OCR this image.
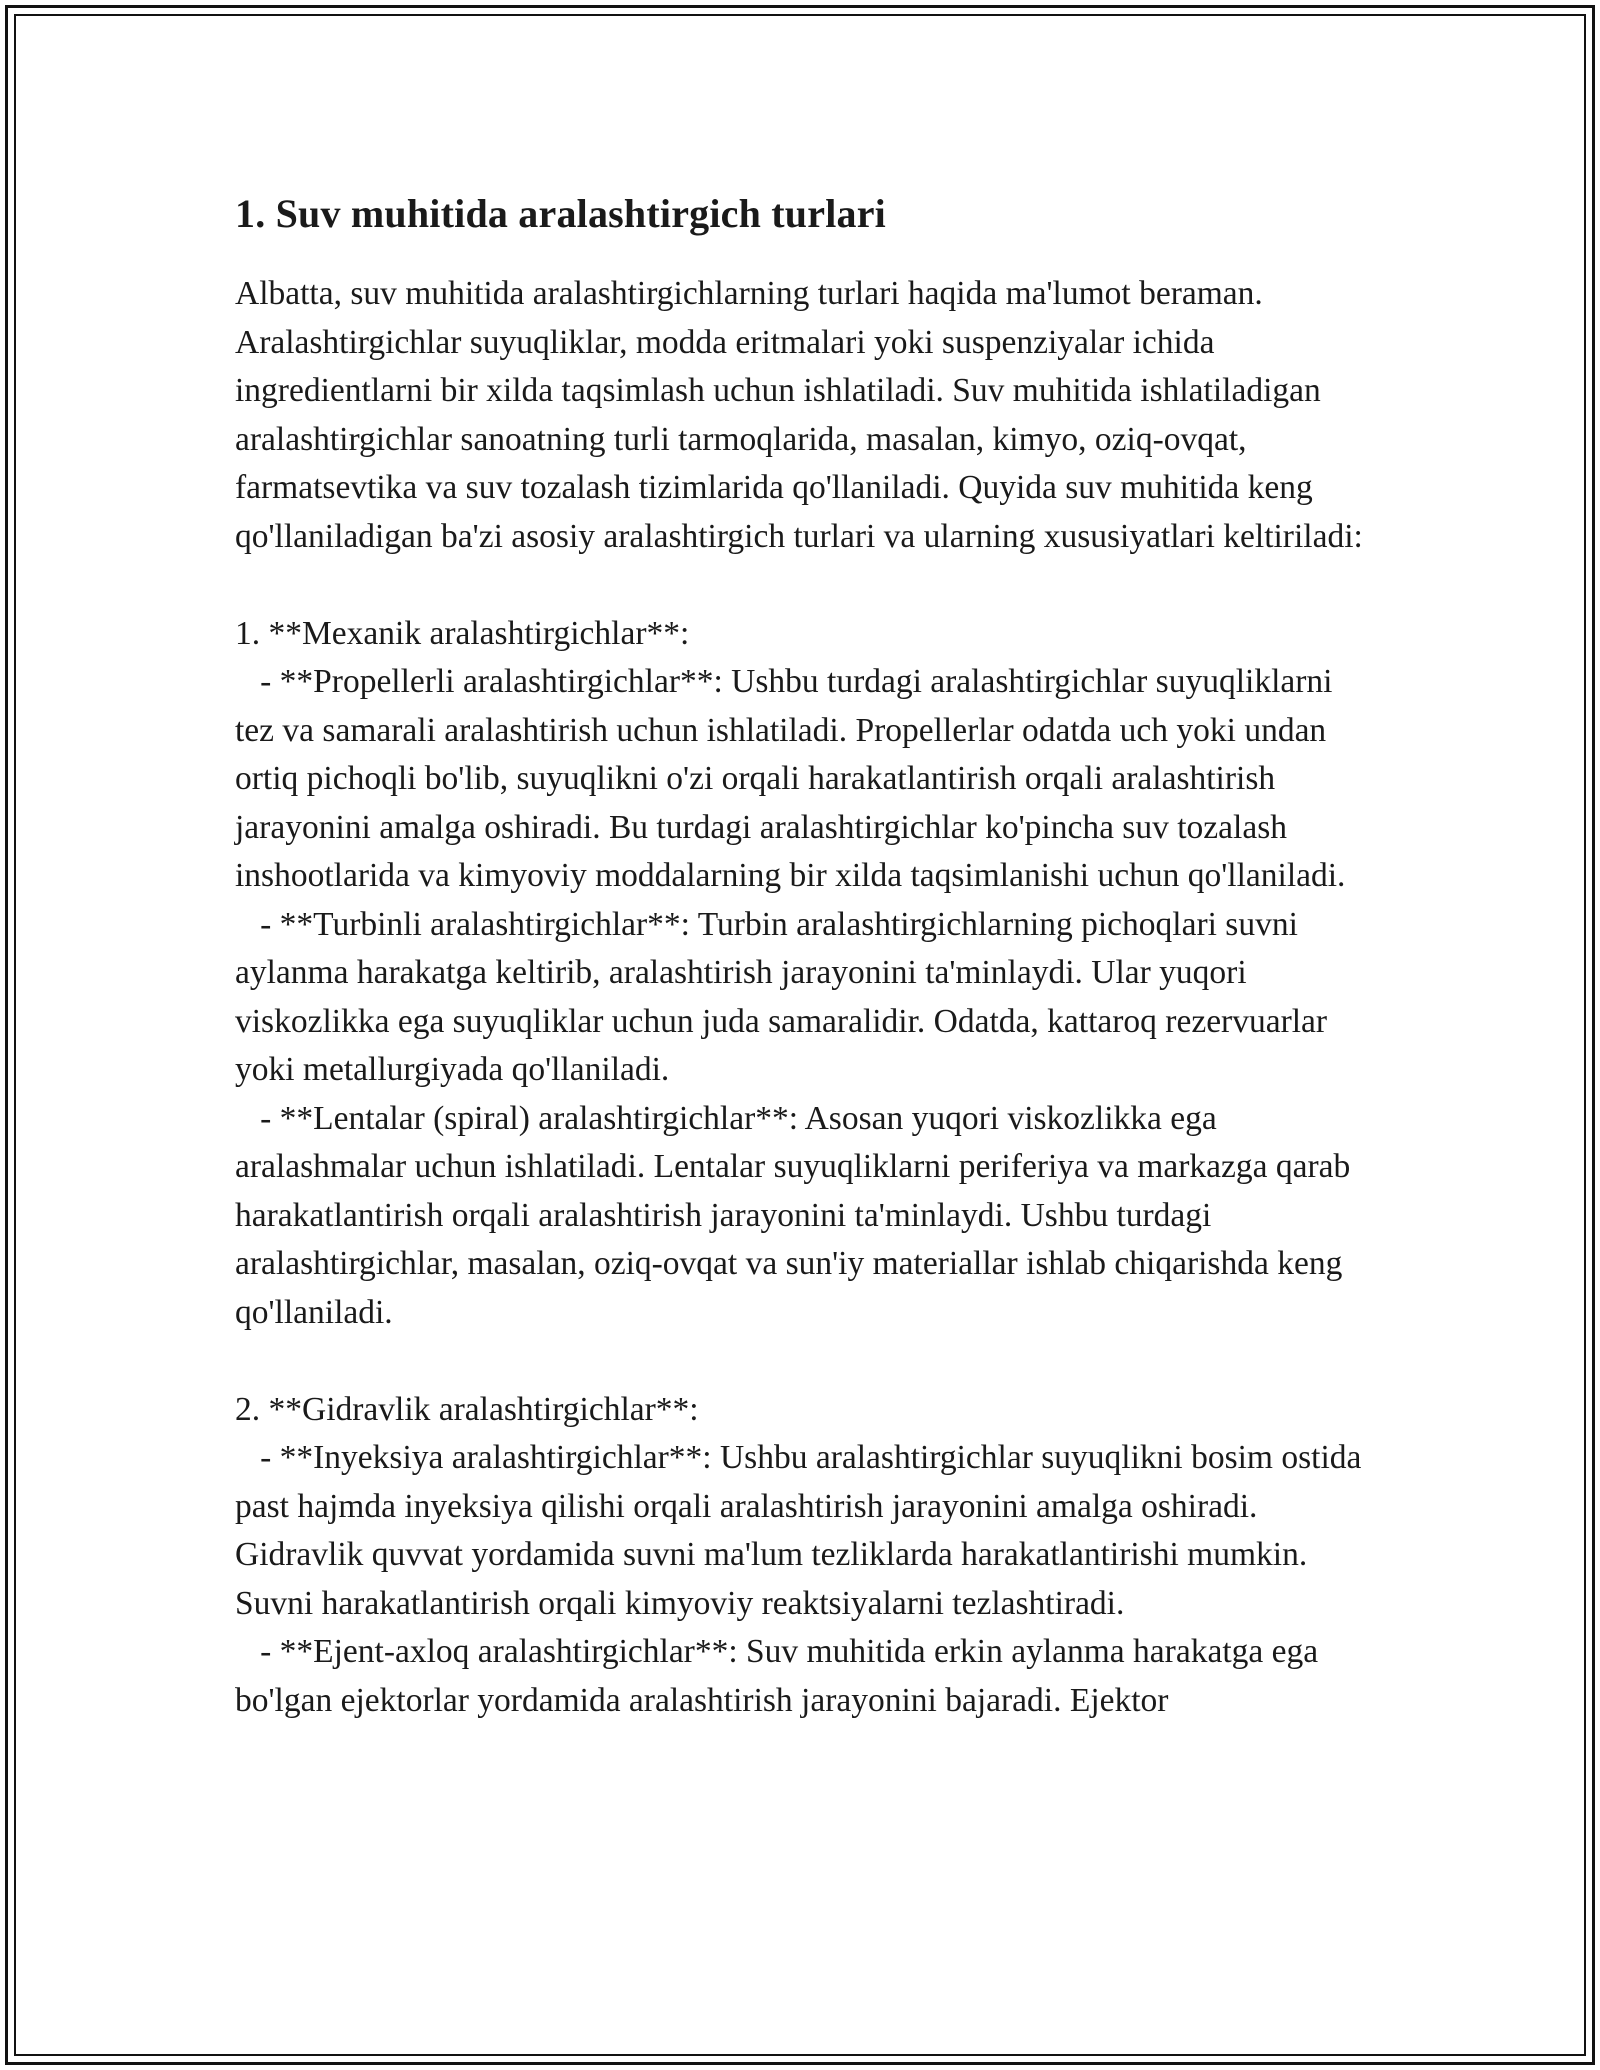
1. Suv muhitida aralashtirgich turlari

Albatta, suv muhitida aralashtirgichlarning turlari haqida ma'lumot beraman. Aralashtirgichlar suyuqliklar, modda eritmalari yoki suspenziyalar ichida ingredientlarni bir xilda taqsimlash uchun ishlatiladi. Suv muhitida ishlatiladigan aralashtirgichlar sanoatning turli tarmoqlarida, masalan, kimyo, oziq-ovqat, farmatsevtika va suv tozalash tizimlarida qo'llaniladi. Quyida suv muhitida keng qo'llaniladigan ba'zi asosiy aralashtirgich turlari va ularning xususiyatlari keltiriladi:

1. **Mexanik aralashtirgichlar**:
- **Propellerli aralashtirgichlar**: Ushbu turdagi aralashtirgichlar suyuqliklarni tez va samarali aralashtirish uchun ishlatiladi. Propellerlar odatda uch yoki undan ortiq pichoqli bo'lib, suyuqlikni o'zi orqali harakatlantirish orqali aralashtirish jarayonini amalga oshiradi. Bu turdagi aralashtirgichlar ko'pincha suv tozalash inshootlarida va kimyoviy moddalarning bir xilda taqsimlanishi uchun qo'llaniladi.
- **Turbinli aralashtirgichlar**: Turbin aralashtirgichlarning pichoqlari suvni aylanma harakatga keltirib, aralashtirish jarayonini ta'minlaydi. Ular yuqori viskozlikka ega suyuqliklar uchun juda samaralidir. Odatda, kattaroq rezervuarlar yoki metallurgiyada qo'llaniladi.
- **Lentalar (spiral) aralashtirgichlar**: Asosan yuqori viskozlikka ega aralashmalar uchun ishlatiladi. Lentalar suyuqliklarni periferiya va markazga qarab harakatlantirish orqali aralashtirish jarayonini ta'minlaydi. Ushbu turdagi aralashtirgichlar, masalan, oziq-ovqat va sun'iy materiallar ishlab chiqarishda keng qo'llaniladi.

2. **Gidravlik aralashtirgichlar**:
- **Inyeksiya aralashtirgichlar**: Ushbu aralashtirgichlar suyuqlikni bosim ostida past hajmda inyeksiya qilishi orqali aralashtirish jarayonini amalga oshiradi. Gidravlik quvvat yordamida suvni ma'lum tezliklarda harakatlantirishi mumkin. Suvni harakatlantirish orqali kimyoviy reaktsiyalarni tezlashtiradi.
- **Ejent-axloq aralashtirgichlar**: Suv muhitida erkin aylanma harakatga ega bo'lgan ejektorlar yordamida aralashtirish jarayonini bajaradi. Ejektor
